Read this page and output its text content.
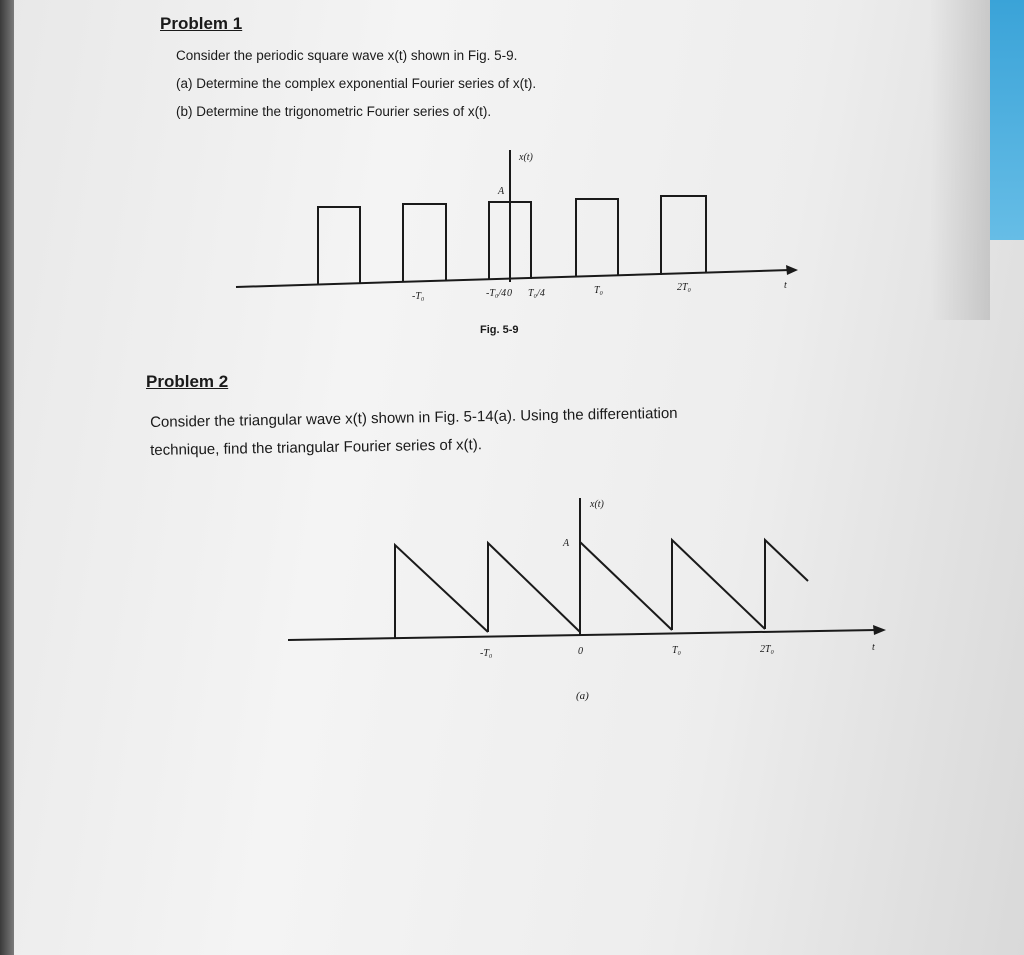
Problem 1
Consider the periodic square wave x(t) shown in Fig. 5-9.
(a) Determine the complex exponential Fourier series of x(t).
(b) Determine the trigonometric Fourier series of x(t).
x(t)
A
-T₀	-T₀/4 0 T₀/4	T₀	2T₀	t
Fig. 5-9
Problem 2
Consider the triangular wave x(t) shown in Fig. 5-14(a). Using the differentiation
technique, find the triangular Fourier series of x(t).
x(t)
A
-T₀	0	T₀	2T₀	t
(a)
